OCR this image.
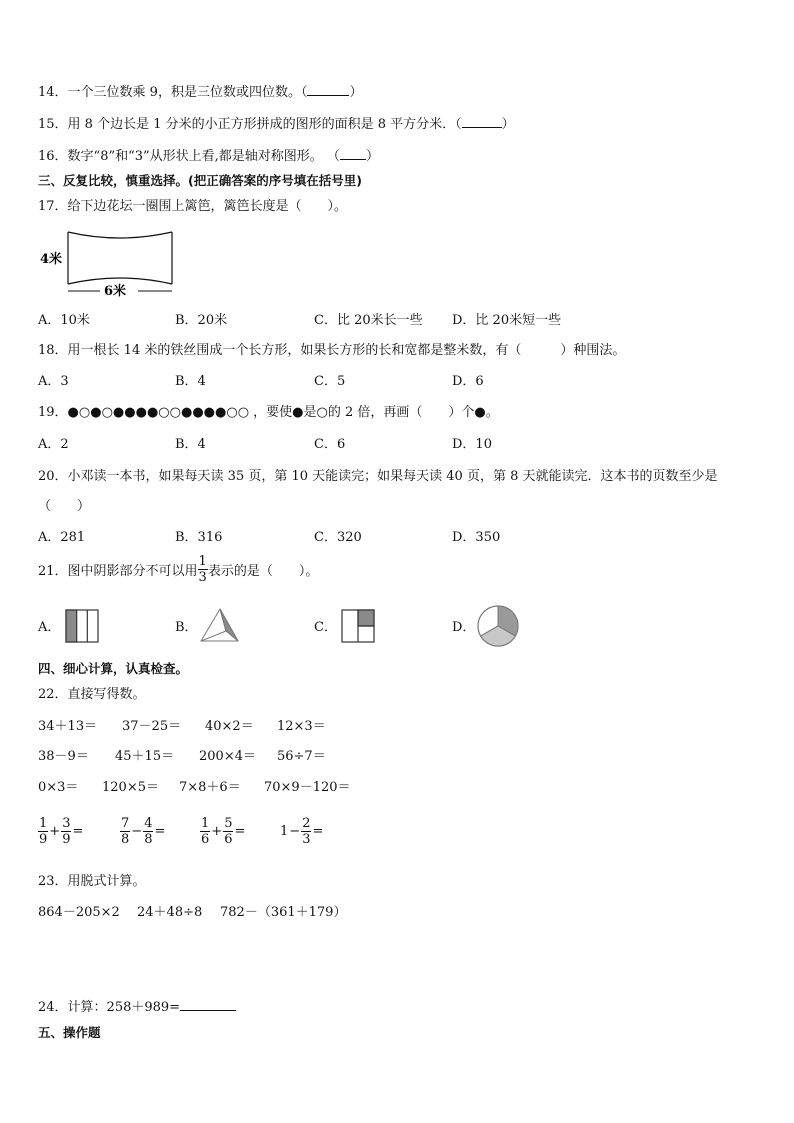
14．一个三位数乘 9，积是三位数或四位数。（	）
15．用 8 个边长是 1 分米的小正方形拼成的图形的面积是 8 平方分米．（	）
16．数字“8”和“3”从形状上看,都是轴对称图形。 （ ）
三、反复比较，慎重选择。(把正确答案的序号填在括号里)
17．给下边花坛一圈围上篱笆，篱笆长度是（　　）。
4米
6米
A．10米	B．20米	C．比 20米长一些 D．比 20米短一些
18．用一根长 14 米的铁丝围成一个长方形，如果长方形的长和宽都是整米数，有（　　　）种围法。
A．3	B．4	C．5	D．6
19．●○●○●●●●○○●●●●○○ ，要使●是○的 2 倍，再画（　　）个●。
A．2	B．4	C．6	D．10
20．小邓读一本书，如果每天读 35 页，第 10 天能读完；如果每天读 40 页，第 8 天就能读完．这本书的页数至少是
（　　）
A．281	B．316	C．320	D．350
21．图中阴影部分不可以用 $\frac{1}{3}$ 表示的是（　　）。
A．	B．	C．	D．
四、细心计算，认真检查。
22．直接写得数。
34＋13＝ 37－25＝ 40×2＝ 12×3＝
38－9＝ 45＋15＝ 200×4＝ 56÷7＝
0×3＝ 120×5＝ 7×8＋6＝ 70×9－120＝
$\frac{1}{9} + \frac{3}{9}$ =	$\frac{7}{8} - \frac{4}{8}$ =	$\frac{1}{6} + \frac{5}{6}$ =	$1 - \frac{2}{3}$ =
23．用脱式计算。
864－205×2 24＋48÷8 782－（361＋179）
24．计算：258＋989=
五、操作题
